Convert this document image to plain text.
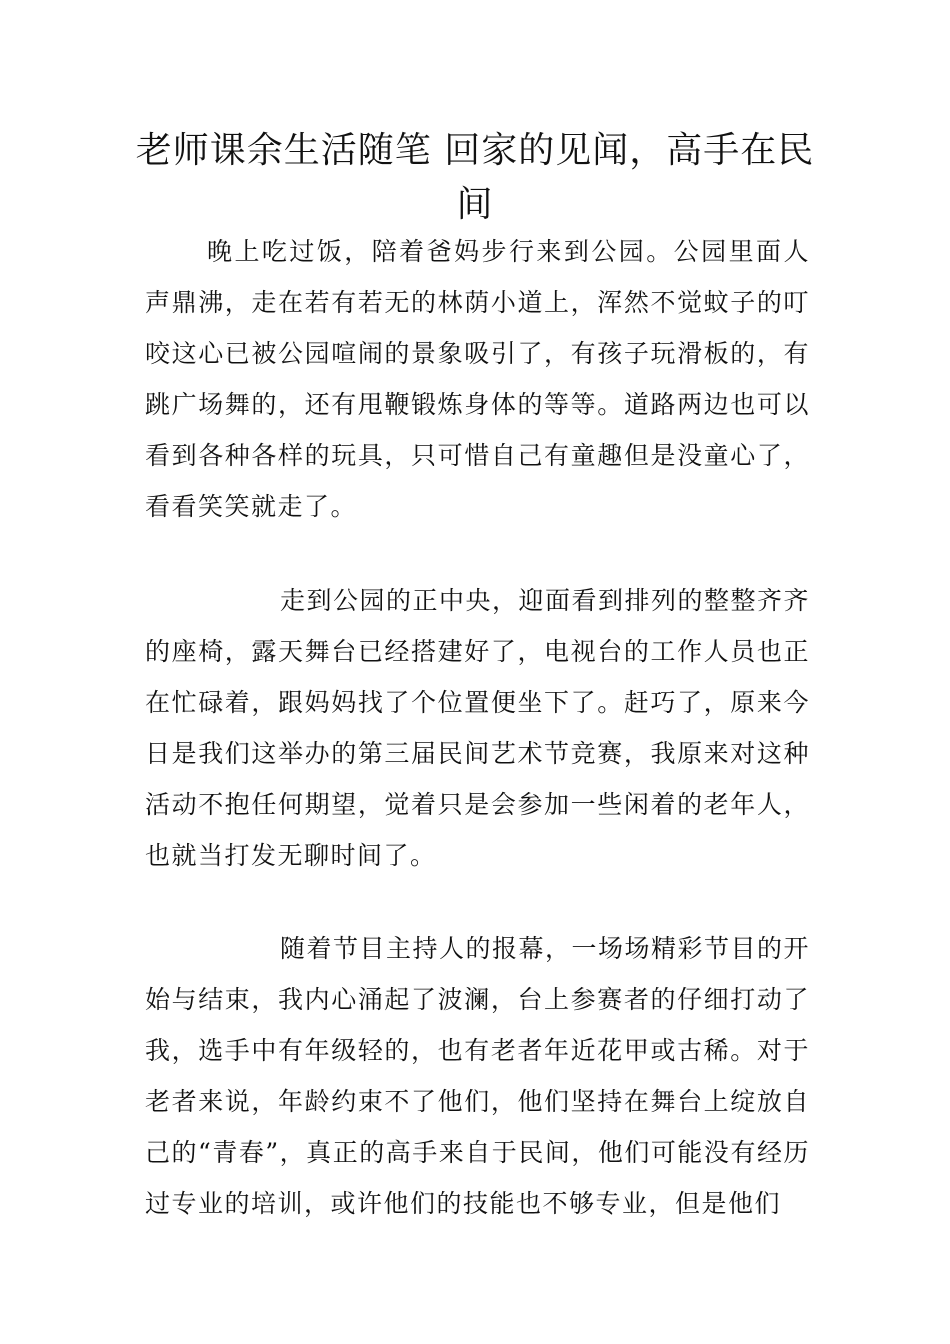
老师课余生活随笔 回家的见闻，高手在民间

晚上吃过饭，陪着爸妈步行来到公园。公园里面人声鼎沸，走在若有若无的林荫小道上，浑然不觉蚊子的叮咬这心已被公园喧闹的景象吸引了，有孩子玩滑板的，有跳广场舞的，还有甩鞭锻炼身体的等等。道路两边也可以看到各种各样的玩具，只可惜自己有童趣但是没童心了，看看笑笑就走了。

走到公园的正中央，迎面看到排列的整整齐齐的座椅，露天舞台已经搭建好了，电视台的工作人员也正在忙碌着，跟妈妈找了个位置便坐下了。赶巧了，原来今日是我们这举办的第三届民间艺术节竞赛，我原来对这种活动不抱任何期望，觉着只是会参加一些闲着的老年人，也就当打发无聊时间了。

随着节目主持人的报幕，一场场精彩节目的开始与结束，我内心涌起了波澜，台上参赛者的仔细打动了我，选手中有年级轻的，也有老者年近花甲或古稀。对于老者来说，年龄约束不了他们，他们坚持在舞台上绽放自己的“青春”，真正的高手来自于民间，他们可能没有经历过专业的培训，或许他们的技能也不够专业，但是他们
